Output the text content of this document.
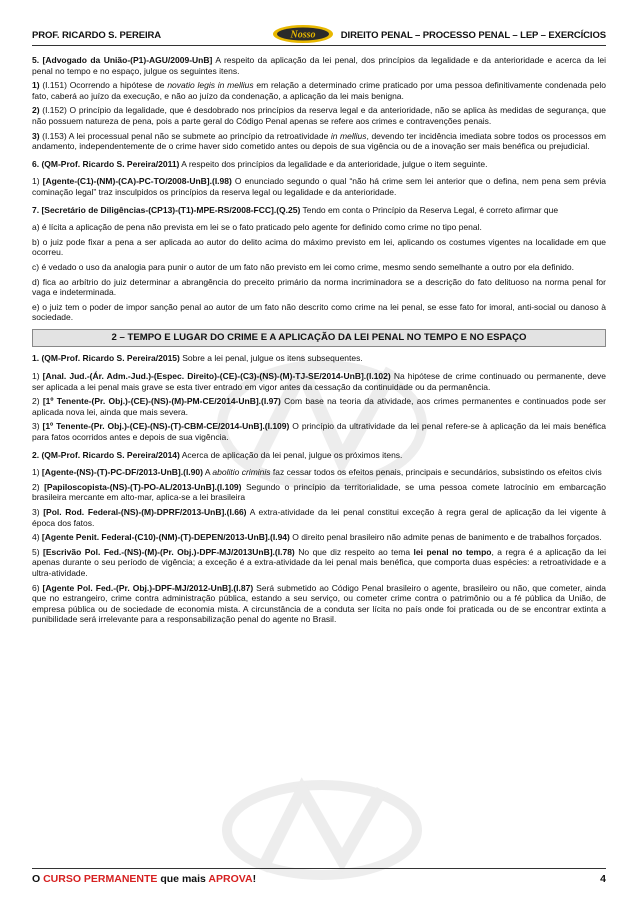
PROF. RICARDO S. PEREIRA	DIREITO PENAL – PROCESSO PENAL – LEP – EXERCÍCIOS
Nosso

5. [Advogado da União-(P1)-AGU/2009-UnB] A respeito da aplicação da lei penal, dos princípios da legalidade e da anterioridade e acerca da lei penal no tempo e no espaço, julgue os seguintes itens.

1) (I.151) Ocorrendo a hipótese de novatio legis in mellius em relação a determinado crime praticado por uma pessoa definitivamente condenada pelo fato, caberá ao juízo da execução, e não ao juízo da condenação, a aplicação da lei mais benigna.

2) (I.152) O princípio da legalidade, que é desdobrado nos princípios da reserva legal e da anterioridade, não se aplica às medidas de segurança, que não possuem natureza de pena, pois a parte geral do Código Penal apenas se refere aos crimes e contravenções penais.

3) (I.153) A lei processual penal não se submete ao princípio da retroatividade in mellius, devendo ter incidência imediata sobre todos os processos em andamento, independentemente de o crime haver sido cometido antes ou depois de sua vigência ou de a inovação ser mais benéfica ou prejudicial.

6. (QM-Prof. Ricardo S. Pereira/2011) A respeito dos princípios da legalidade e da anterioridade, julgue o item seguinte.

1) [Agente-(C1)-(NM)-(CA)-PC-TO/2008-UnB].(I.98) O enunciado segundo o qual “não há crime sem lei anterior que o defina, nem pena sem prévia cominação legal” traz insculpidos os princípios da reserva legal ou legalidade e da anterioridade.

7. [Secretário de Diligências-(CP13)-(T1)-MPE-RS/2008-FCC].(Q.25) Tendo em conta o Princípio da Reserva Legal, é correto afirmar que

a) é lícita a aplicação de pena não prevista em lei se o fato praticado pelo agente for definido como crime no tipo penal.

b) o juiz pode fixar a pena a ser aplicada ao autor do delito acima do máximo previsto em lei, aplicando os costumes vigentes na localidade em que ocorreu.

c) é vedado o uso da analogia para punir o autor de um fato não previsto em lei como crime, mesmo sendo semelhante a outro por ela definido.

d) fica ao arbítrio do juiz determinar a abrangência do preceito primário da norma incriminadora se a descrição do fato delituoso na norma penal for vaga e indeterminada.

e) o juiz tem o poder de impor sanção penal ao autor de um fato não descrito como crime na lei penal, se esse fato for imoral, anti-social ou danoso à sociedade.

2 – TEMPO E LUGAR DO CRIME E A APLICAÇÃO DA LEI PENAL NO TEMPO E NO ESPAÇO

1. (QM-Prof. Ricardo S. Pereira/2015) Sobre a lei penal, julgue os itens subsequentes.

1) [Anal. Jud.-(Ár. Adm.-Jud.)-(Espec. Direito)-(CE)-(C3)-(NS)-(M)-TJ-SE/2014-UnB].(I.102) Na hipótese de crime continuado ou permanente, deve ser aplicada a lei penal mais grave se esta tiver entrado em vigor antes da cessação da continuidade ou da permanência.

2) [1º Tenente-(Pr. Obj.)-(CE)-(NS)-(M)-PM-CE/2014-UnB].(I.97) Com base na teoria da atividade, aos crimes permanentes e continuados pode ser aplicada nova lei, ainda que mais severa.

3) [1º Tenente-(Pr. Obj.)-(CE)-(NS)-(T)-CBM-CE/2014-UnB].(I.109) O princípio da ultratividade da lei penal refere-se à aplicação da lei mais benéfica para fatos ocorridos antes e depois de sua vigência.

2. (QM-Prof. Ricardo S. Pereira/2014) Acerca de aplicação da lei penal, julgue os próximos itens.

1) [Agente-(NS)-(T)-PC-DF/2013-UnB].(I.90) A abolitio criminis faz cessar todos os efeitos penais, principais e secundários, subsistindo os efeitos civis

2) [Papiloscopista-(NS)-(T)-PO-AL/2013-UnB].(I.109) Segundo o princípio da territorialidade, se uma pessoa comete latrocínio em embarcação brasileira mercante em alto-mar, aplica-se a lei brasileira

3) [Pol. Rod. Federal-(NS)-(M)-DPRF/2013-UnB].(I.66) A extra-atividade da lei penal constitui exceção à regra geral de aplicação da lei vigente à época dos fatos.

4) [Agente Penit. Federal-(C10)-(NM)-(T)-DEPEN/2013-UnB].(I.94) O direito penal brasileiro não admite penas de banimento e de trabalhos forçados.

5) [Escrivão Pol. Fed.-(NS)-(M)-(Pr. Obj.)-DPF-MJ/2013UnB].(I.78) No que diz respeito ao tema lei penal no tempo, a regra é a aplicação da lei apenas durante o seu período de vigência; a exceção é a extra-atividade da lei penal mais benéfica, que comporta duas espécies: a retroatividade e a ultra-atividade.

6) [Agente Pol. Fed.-(Pr. Obj.)-DPF-MJ/2012-UnB].(I.87) Será submetido ao Código Penal brasileiro o agente, brasileiro ou não, que cometer, ainda que no estrangeiro, crime contra administração pública, estando a seu serviço, ou cometer crime contra o patrimônio ou a fé pública da União, de empresa pública ou de sociedade de economia mista. A circunstância de a conduta ser lícita no país onde foi praticada ou de se encontrar extinta a punibilidade será irrelevante para a responsabilização penal do agente no Brasil.

O CURSO PERMANENTE que mais APROVA!	4
